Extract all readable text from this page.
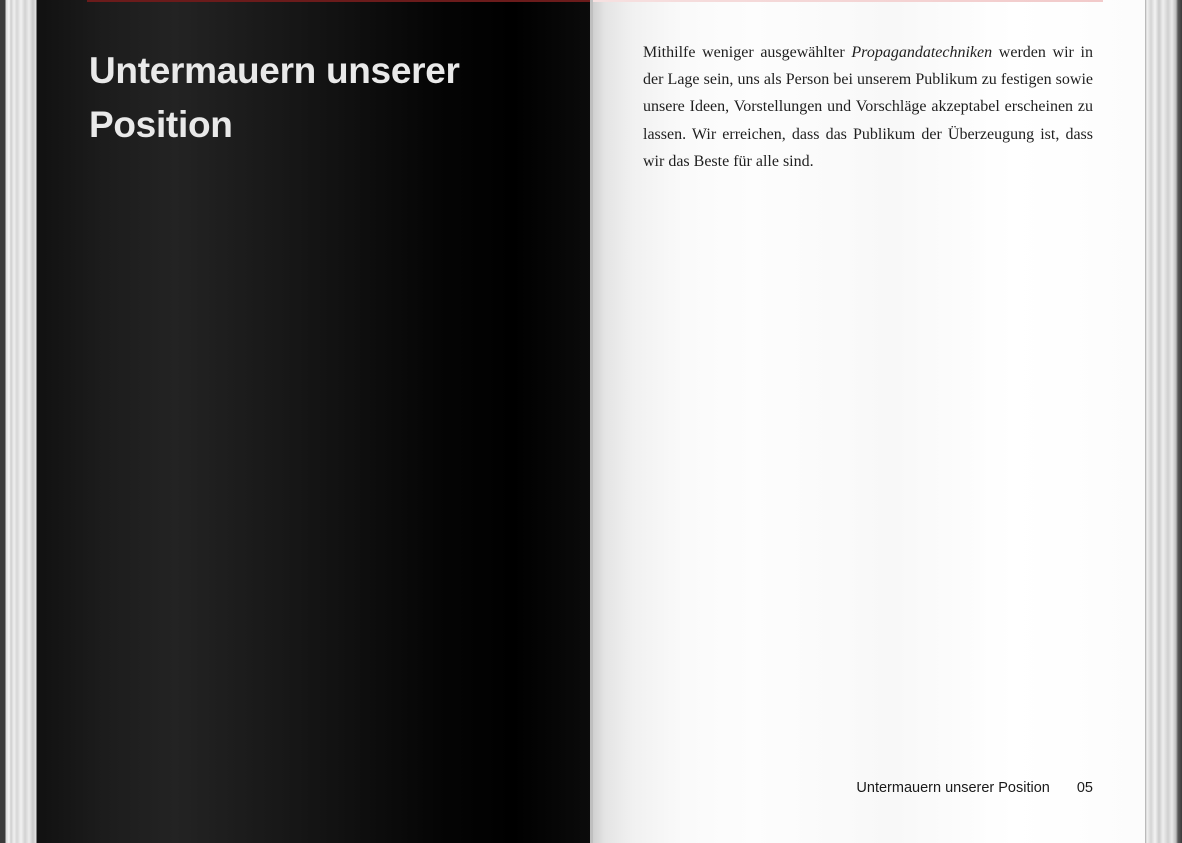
Untermauern unserer Position

Mithilfe weniger ausgewählter Propagandatechniken werden wir in der Lage sein, uns als Person bei unserem Publikum zu festigen sowie unsere Ideen, Vorstellungen und Vorschläge akzeptabel erscheinen zu lassen. Wir erreichen, dass das Publikum der Überzeugung ist, dass wir das Beste für alle sind.

Untermauern unserer Position 05
